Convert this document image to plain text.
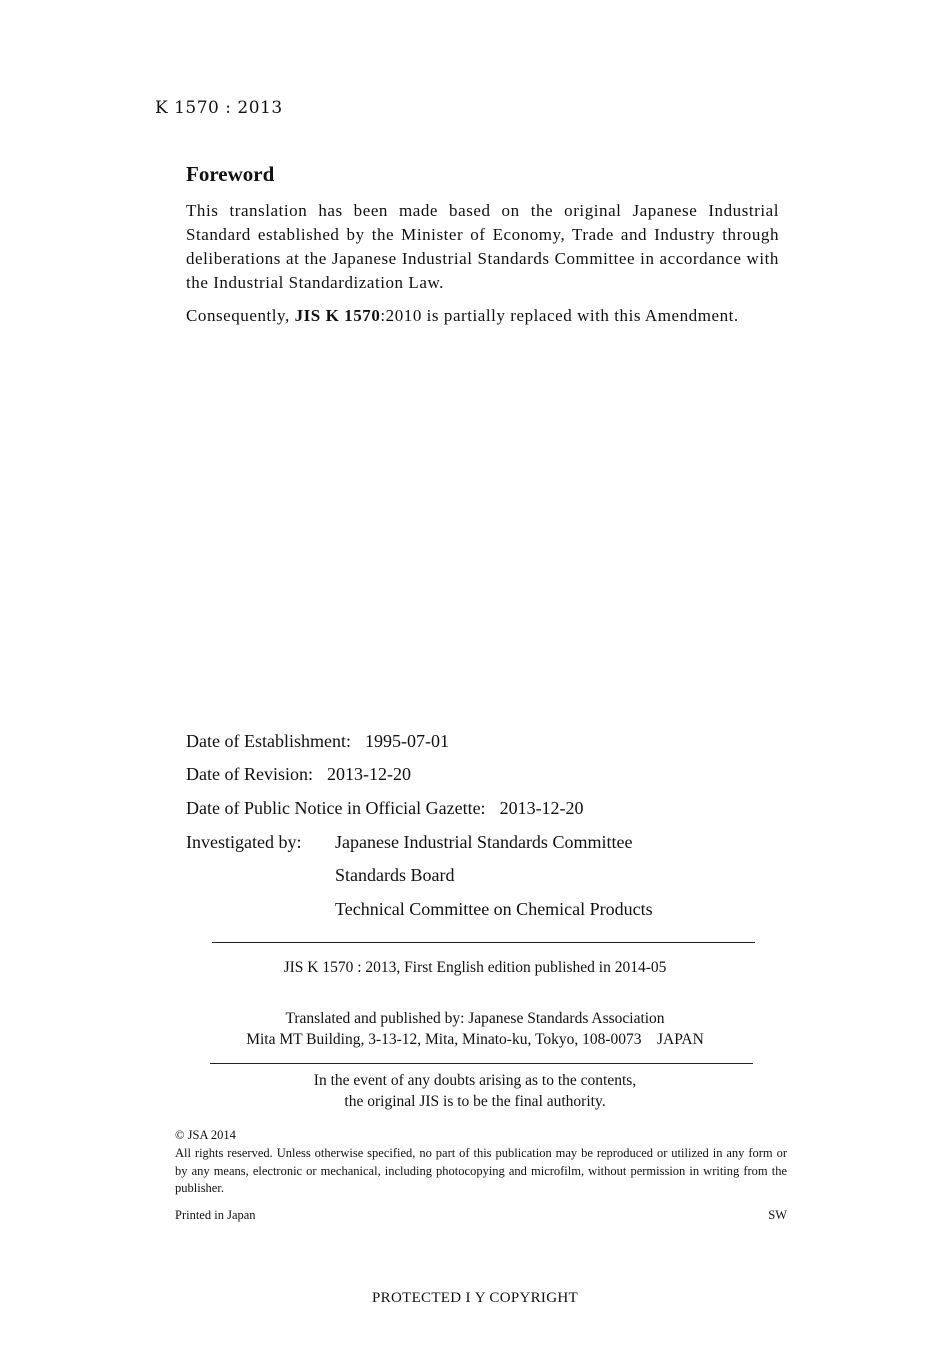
K 1570 : 2013
Foreword
This translation has been made based on the original Japanese Industrial Standard established by the Minister of Economy, Trade and Industry through deliberations at the Japanese Industrial Standards Committee in accordance with the Industrial Standardization Law.
Consequently, JIS K 1570:2010 is partially replaced with this Amendment.
Date of Establishment: 1995-07-01
Date of Revision: 2013-12-20
Date of Public Notice in Official Gazette: 2013-12-20
Investigated by: Japanese Industrial Standards Committee
Standards Board
Technical Committee on Chemical Products
JIS K 1570 : 2013, First English edition published in 2014-05
Translated and published by: Japanese Standards Association
Mita MT Building, 3-13-12, Mita, Minato-ku, Tokyo, 108-0073    JAPAN
In the event of any doubts arising as to the contents,
the original JIS is to be the final authority.
© JSA 2014
All rights reserved. Unless otherwise specified, no part of this publication may be reproduced or utilized in any form or by any means, electronic or mechanical, including photocopying and microfilm, without permission in writing from the publisher.
Printed in Japan	SW
PROTECTED І Y COPYRIGHT
